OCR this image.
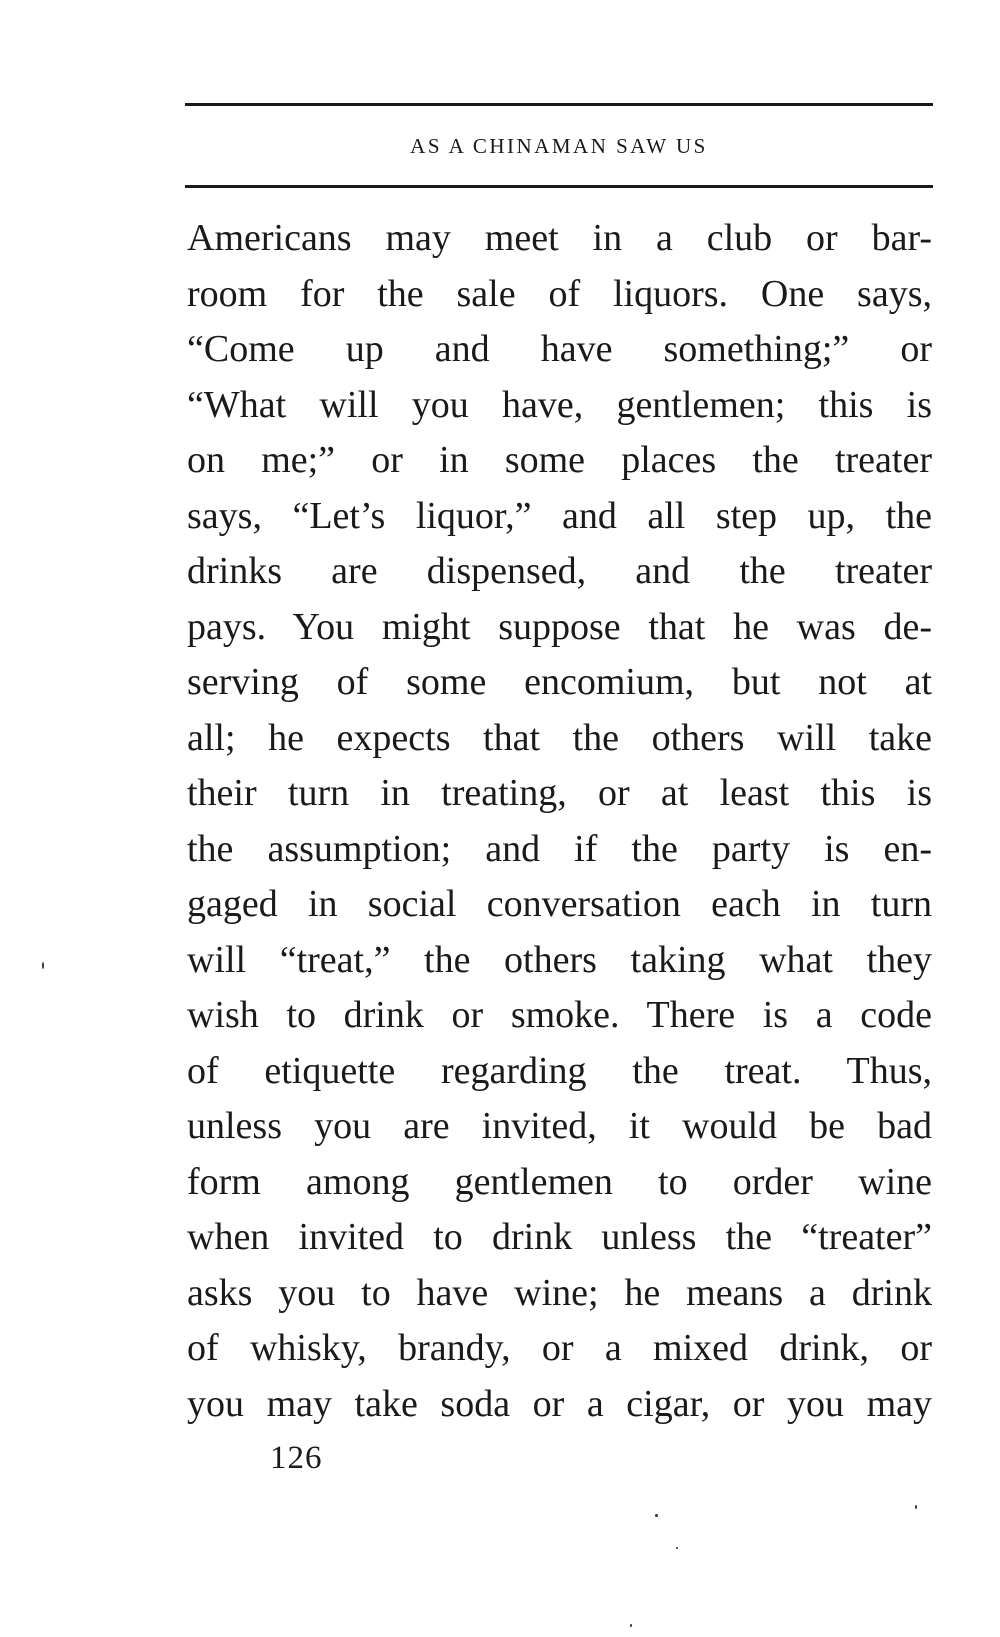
AS A CHINAMAN SAW US
Americans may meet in a club or bar-
room for the sale of liquors. One says,
“Come up and have something;” or
“What will you have, gentlemen; this is
on me;” or in some places the treater
says, “Let’s liquor,” and all step up, the
drinks are dispensed, and the treater
pays. You might suppose that he was de-
serving of some encomium, but not at
all; he expects that the others will take
their turn in treating, or at least this is
the assumption; and if the party is en-
gaged in social conversation each in turn
will “treat,” the others taking what they
wish to drink or smoke. There is a code
of etiquette regarding the treat. Thus,
unless you are invited, it would be bad
form among gentlemen to order wine
when invited to drink unless the “treater”
asks you to have wine; he means a drink
of whisky, brandy, or a mixed drink, or
you may take soda or a cigar, or you may
126
